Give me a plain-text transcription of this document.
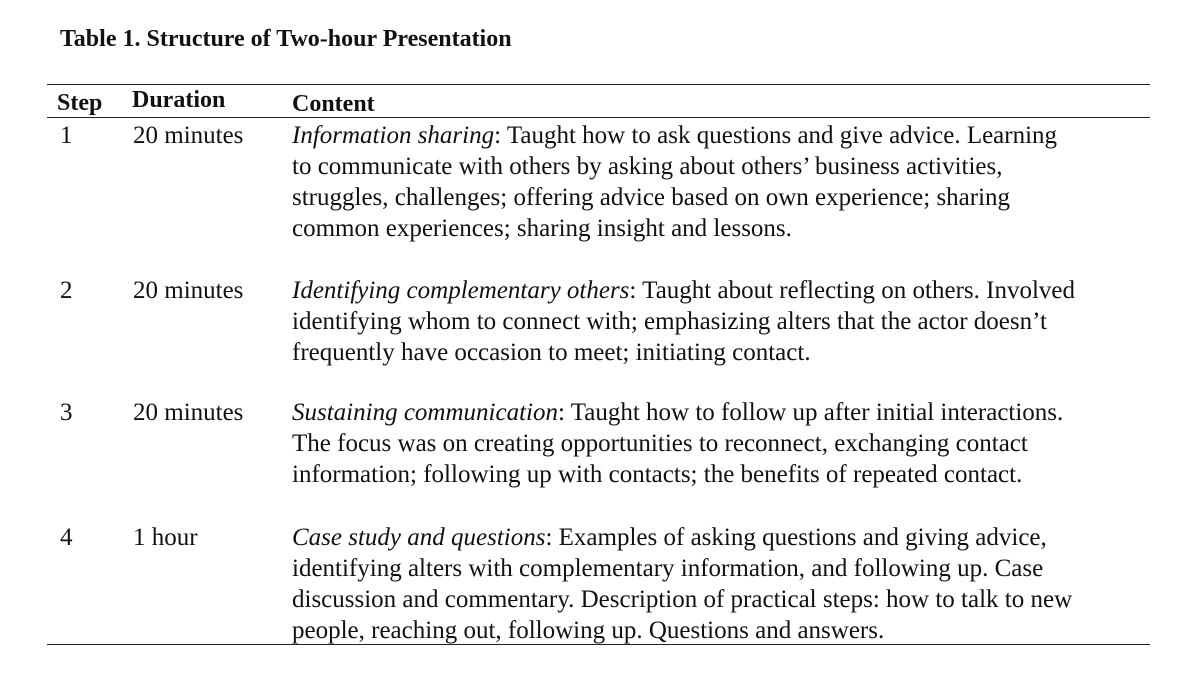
Table 1. Structure of Two-hour Presentation
Step Duration	Content
1 20 minutes Information sharing: Taught how to ask questions and give advice. Learning
to communicate with others by asking about others’ business activities,
struggles, challenges; offering advice based on own experience; sharing
common experiences; sharing insight and lessons.
2 20 minutes Identifying complementary others: Taught about reflecting on others. Involved
identifying whom to connect with; emphasizing alters that the actor doesn’t
frequently have occasion to meet; initiating contact.
3 20 minutes Sustaining communication: Taught how to follow up after initial interactions.
The focus was on creating opportunities to reconnect, exchanging contact
information; following up with contacts; the benefits of repeated contact.
4 1 hour	Case study and questions: Examples of asking questions and giving advice,
identifying alters with complementary information, and following up. Case
discussion and commentary. Description of practical steps: how to talk to new
people, reaching out, following up. Questions and answers.
